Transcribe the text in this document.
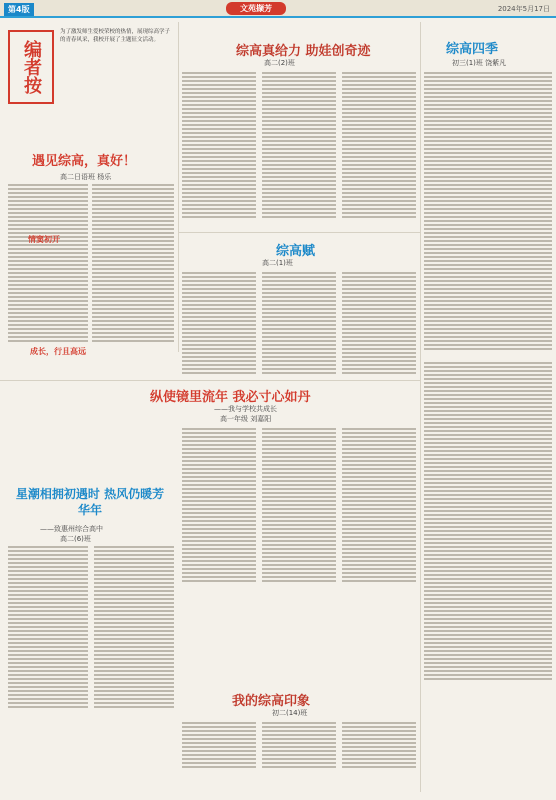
第4版	文苑撷芳	2024年5月17日
编者按
为了激发师生爱校荣校的热情，展现综高学子的青春风采，我校开展了主题征文活动。
遇见综高，真好！
高二日语班 杨乐
情窦初开
成长，行且高远
综高真给力 助娃创奇迹
高二(2)班
综高四季
初三(1)班 饶紫凡
综高赋
高二(1)班
纵使镜里流年 我必寸心如丹
——我与学校共成长
高一年级 刘嘉阳
星潮相拥初遇时 热风仍暖芳华年
——致惠州综合高中
高二(6)班
我的综高印象
初二(14)班
